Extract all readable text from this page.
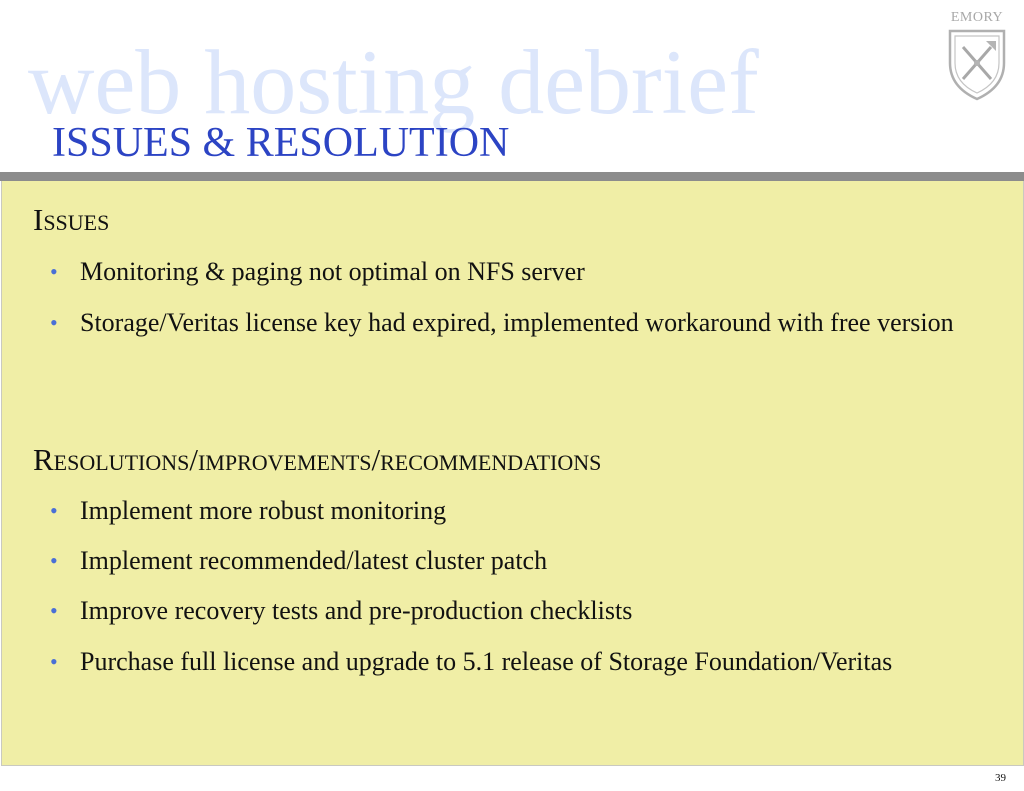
web hosting debrief
ISSUES & RESOLUTION
EMORY
Issues
• Monitoring & paging not optimal on NFS server
• Storage/Veritas license key had expired, implemented workaround with free version
Resolutions/improvements/recommendations
• Implement more robust monitoring
• Implement recommended/latest cluster patch
• Improve recovery tests and pre-production checklists
• Purchase full license and upgrade to 5.1 release of Storage Foundation/Veritas
39
